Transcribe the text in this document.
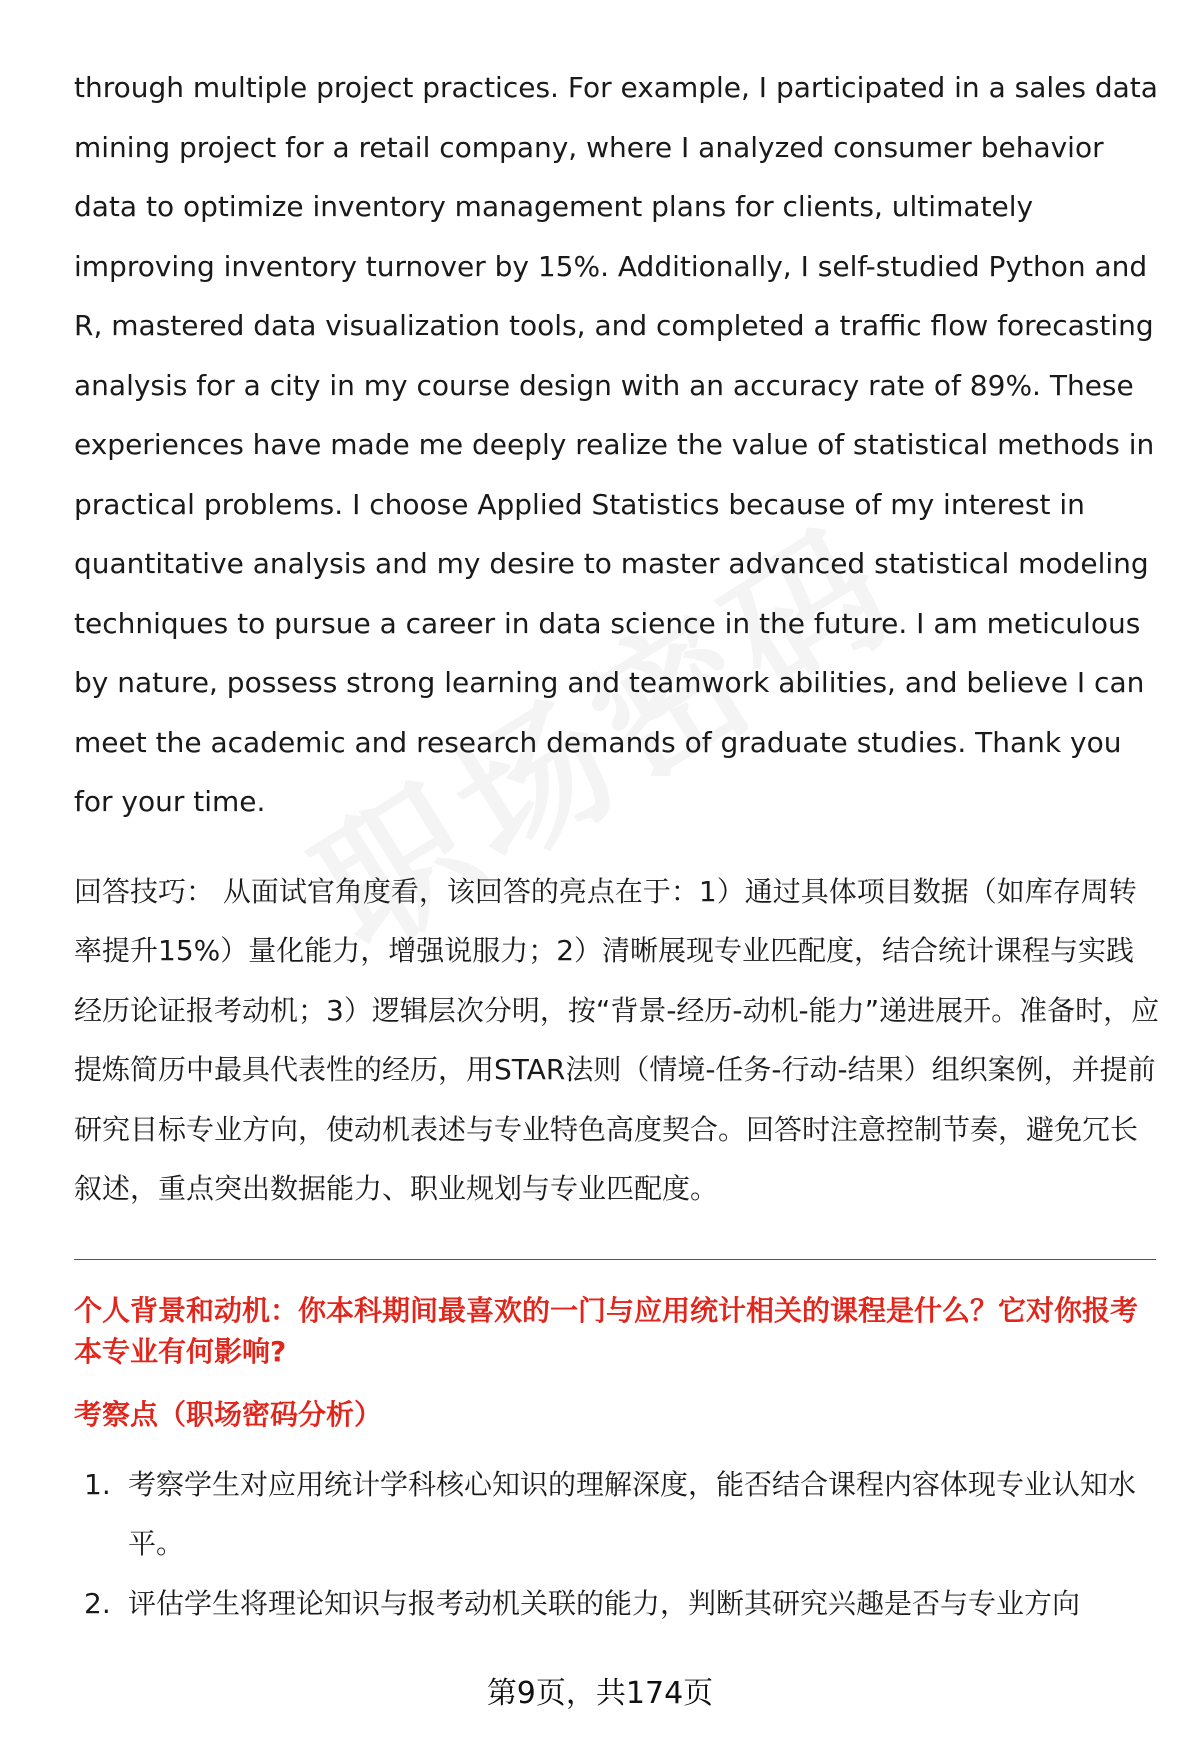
through multiple project practices. For example, I participated in a sales data mining project for a retail company, where I analyzed consumer behavior data to optimize inventory management plans for clients, ultimately improving inventory turnover by 15%. Additionally, I self-studied Python and R, mastered data visualization tools, and completed a traffic flow forecasting analysis for a city in my course design with an accuracy rate of 89%. These experiences have made me deeply realize the value of statistical methods in practical problems. I choose Applied Statistics because of my interest in quantitative analysis and my desire to master advanced statistical modeling techniques to pursue a career in data science in the future. I am meticulous by nature, possess strong learning and teamwork abilities, and believe I can meet the academic and research demands of graduate studies. Thank you for your time.

回答技巧： 从面试官角度看，该回答的亮点在于：1）通过具体项目数据（如库存周转率提升15%）量化能力，增强说服力；2）清晰展现专业匹配度，结合统计课程与实践经历论证报考动机；3）逻辑层次分明，按“背景-经历-动机-能力”递进展开。准备时，应提炼简历中最具代表性的经历，用STAR法则（情境-任务-行动-结果）组织案例，并提前研究目标专业方向，使动机表述与专业特色高度契合。回答时注意控制节奏，避免冗长叙述，重点突出数据能力、职业规划与专业匹配度。

个人背景和动机：你本科期间最喜欢的一门与应用统计相关的课程是什么？它对你报考本专业有何影响?

考察点（职场密码分析）

1. 考察学生对应用统计学科核心知识的理解深度，能否结合课程内容体现专业认知水平。
2. 评估学生将理论知识与报考动机关联的能力，判断其研究兴趣是否与专业方向
第9页，共174页
